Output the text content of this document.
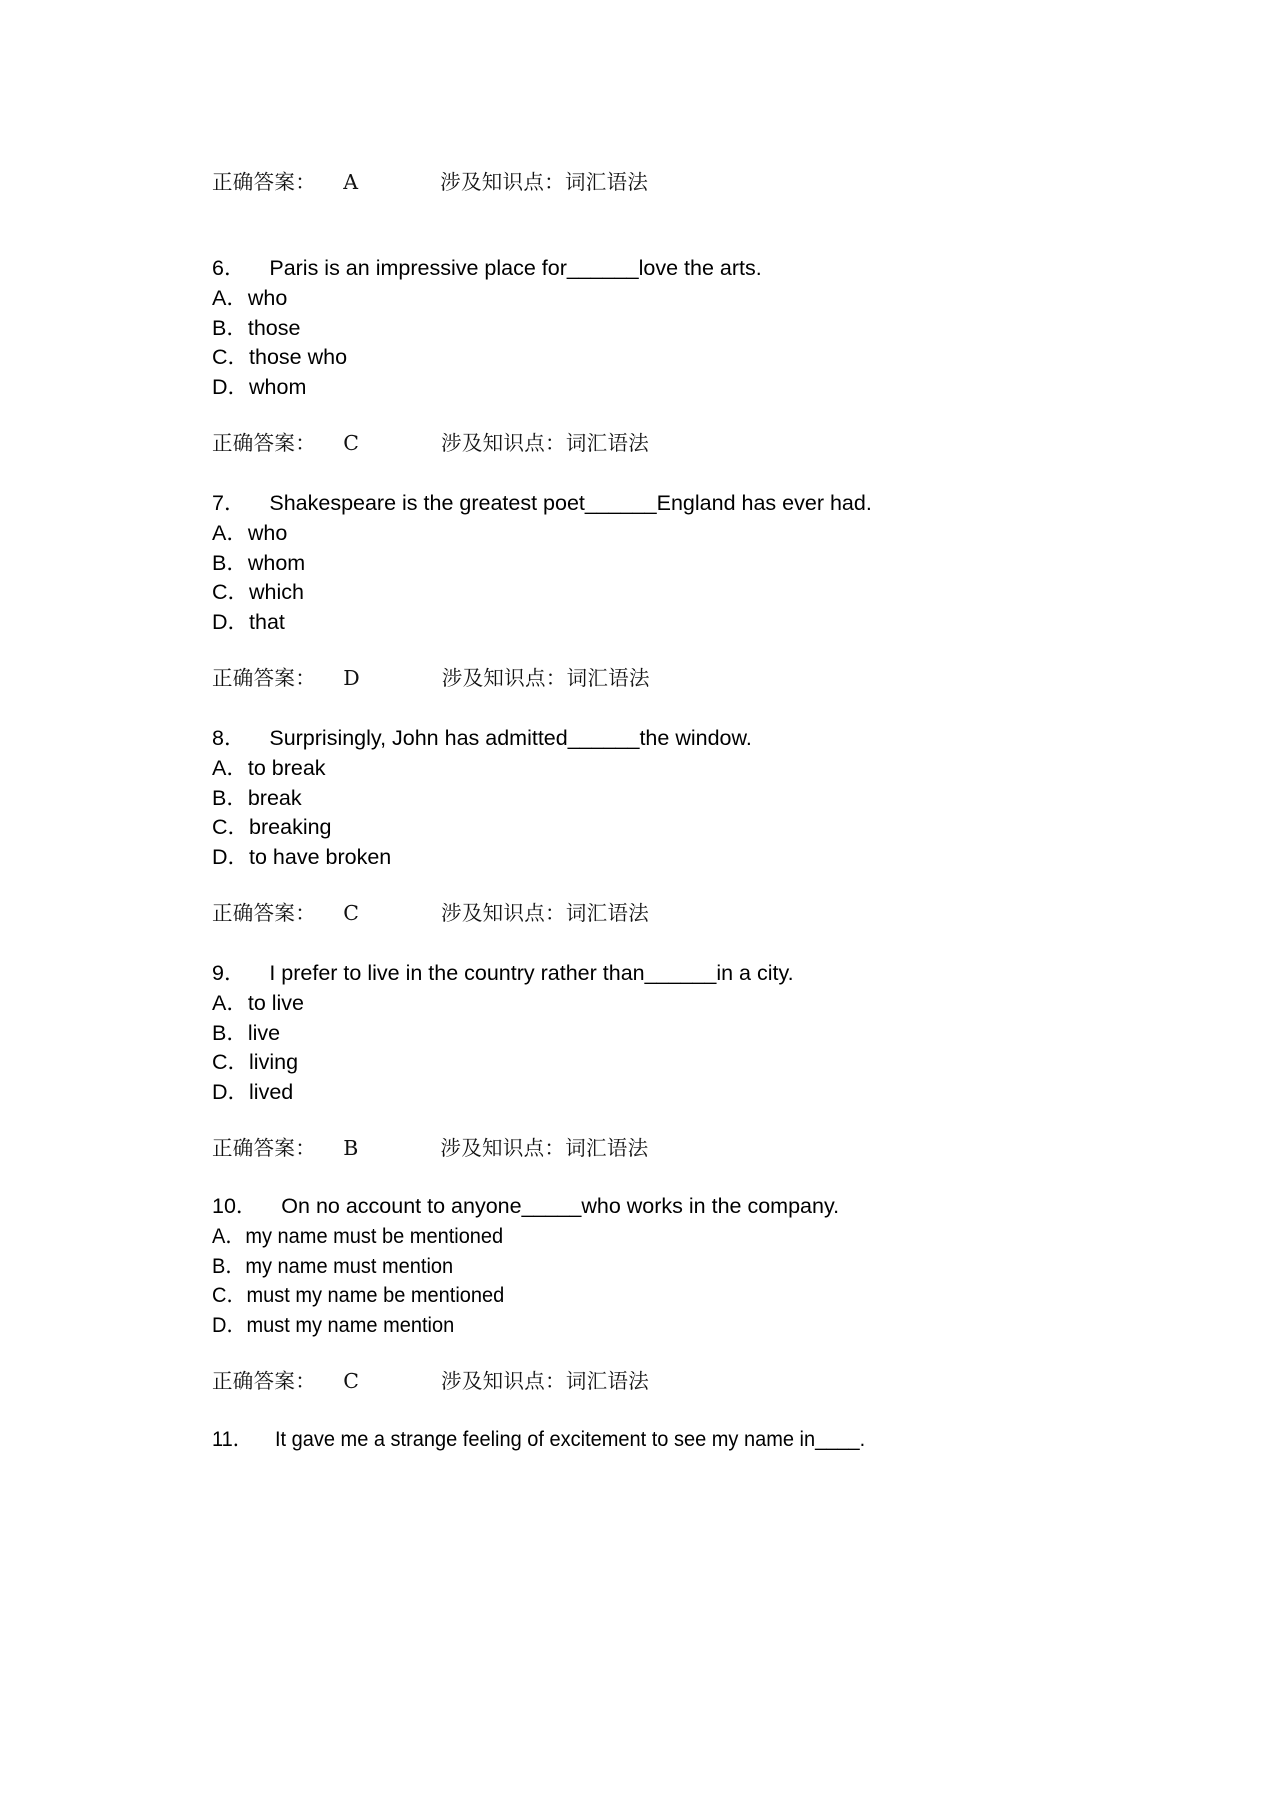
正确答案：    A            涉及知识点：词汇语法
6．    Paris is an impressive place for______love the arts.
A．who
B．those
C．those who
D．whom
正确答案：    C            涉及知识点：词汇语法
7．    Shakespeare is the greatest poet______England has ever had.
A．who
B．whom
C．which
D．that
正确答案：    D            涉及知识点：词汇语法
8．    Surprisingly, John has admitted______the window.
A．to break
B．break
C．breaking
D．to have broken
正确答案：    C            涉及知识点：词汇语法
9．    I prefer to live in the country rather than______in a city.
A．to live
B．live
C．living
D．lived
正确答案：    B            涉及知识点：词汇语法
10．    On no account to anyone_____who works in the company.
A．my name must be mentioned
B．my name must mention
C．must my name be mentioned
D．must my name mention
正确答案：    C            涉及知识点：词汇语法
11．    It gave me a strange feeling of excitement to see my name in____.
